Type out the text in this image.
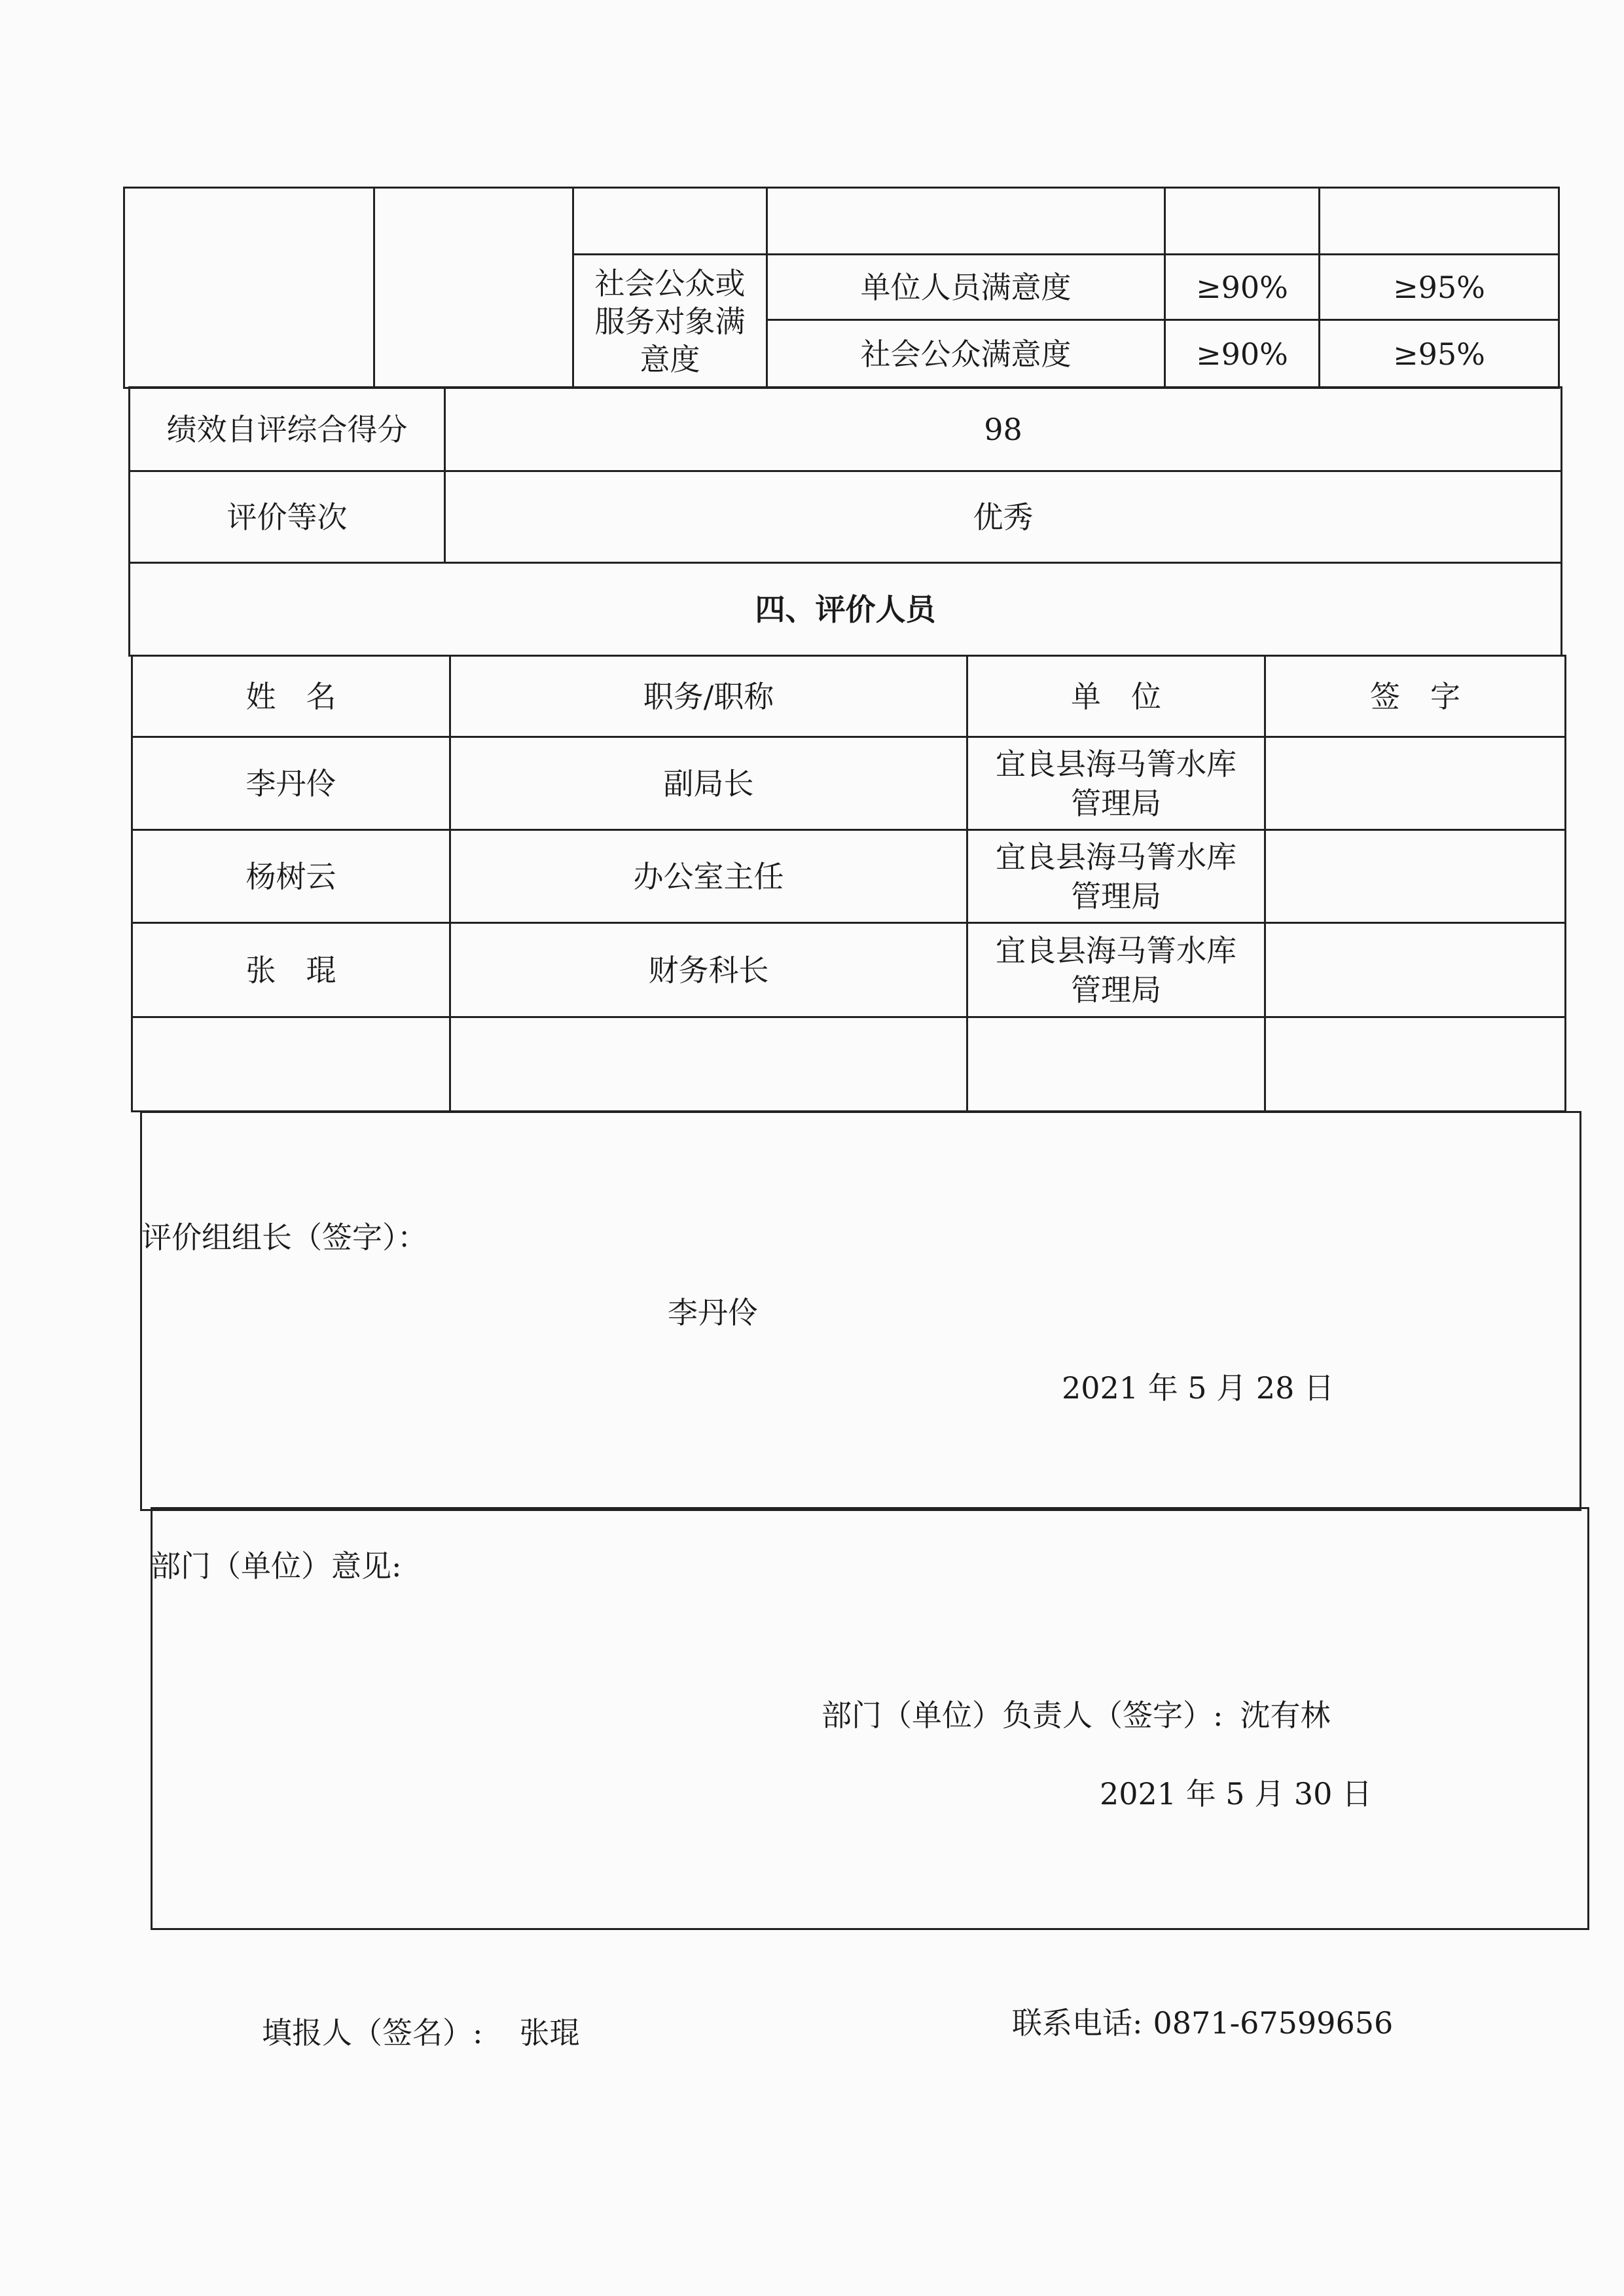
		社会公众或服务对象满意度	单位人员满意度	≥90%	≥95%
			社会公众满意度	≥90%	≥95%
绩效自评综合得分	98
评价等次	优秀
四、评价人员	
姓　名	职务/职称	单　位	签　字
李丹伶	副局长	宜良县海马箐水库
管理局	

杨树云	办公室主任	宜良县海马箐水库
管理局	

张　琨	财务科长	宜良县海马箐水库
管理局	

评价组组长（签字）：
李丹伶
2021 年 5 月 28 日
部门（单位）意见:
部门（单位）负责人（签字）: 沈有林
2021 年 5 月 30 日
填报人（签名）: 张琨	联系电话: 0871-67599656
